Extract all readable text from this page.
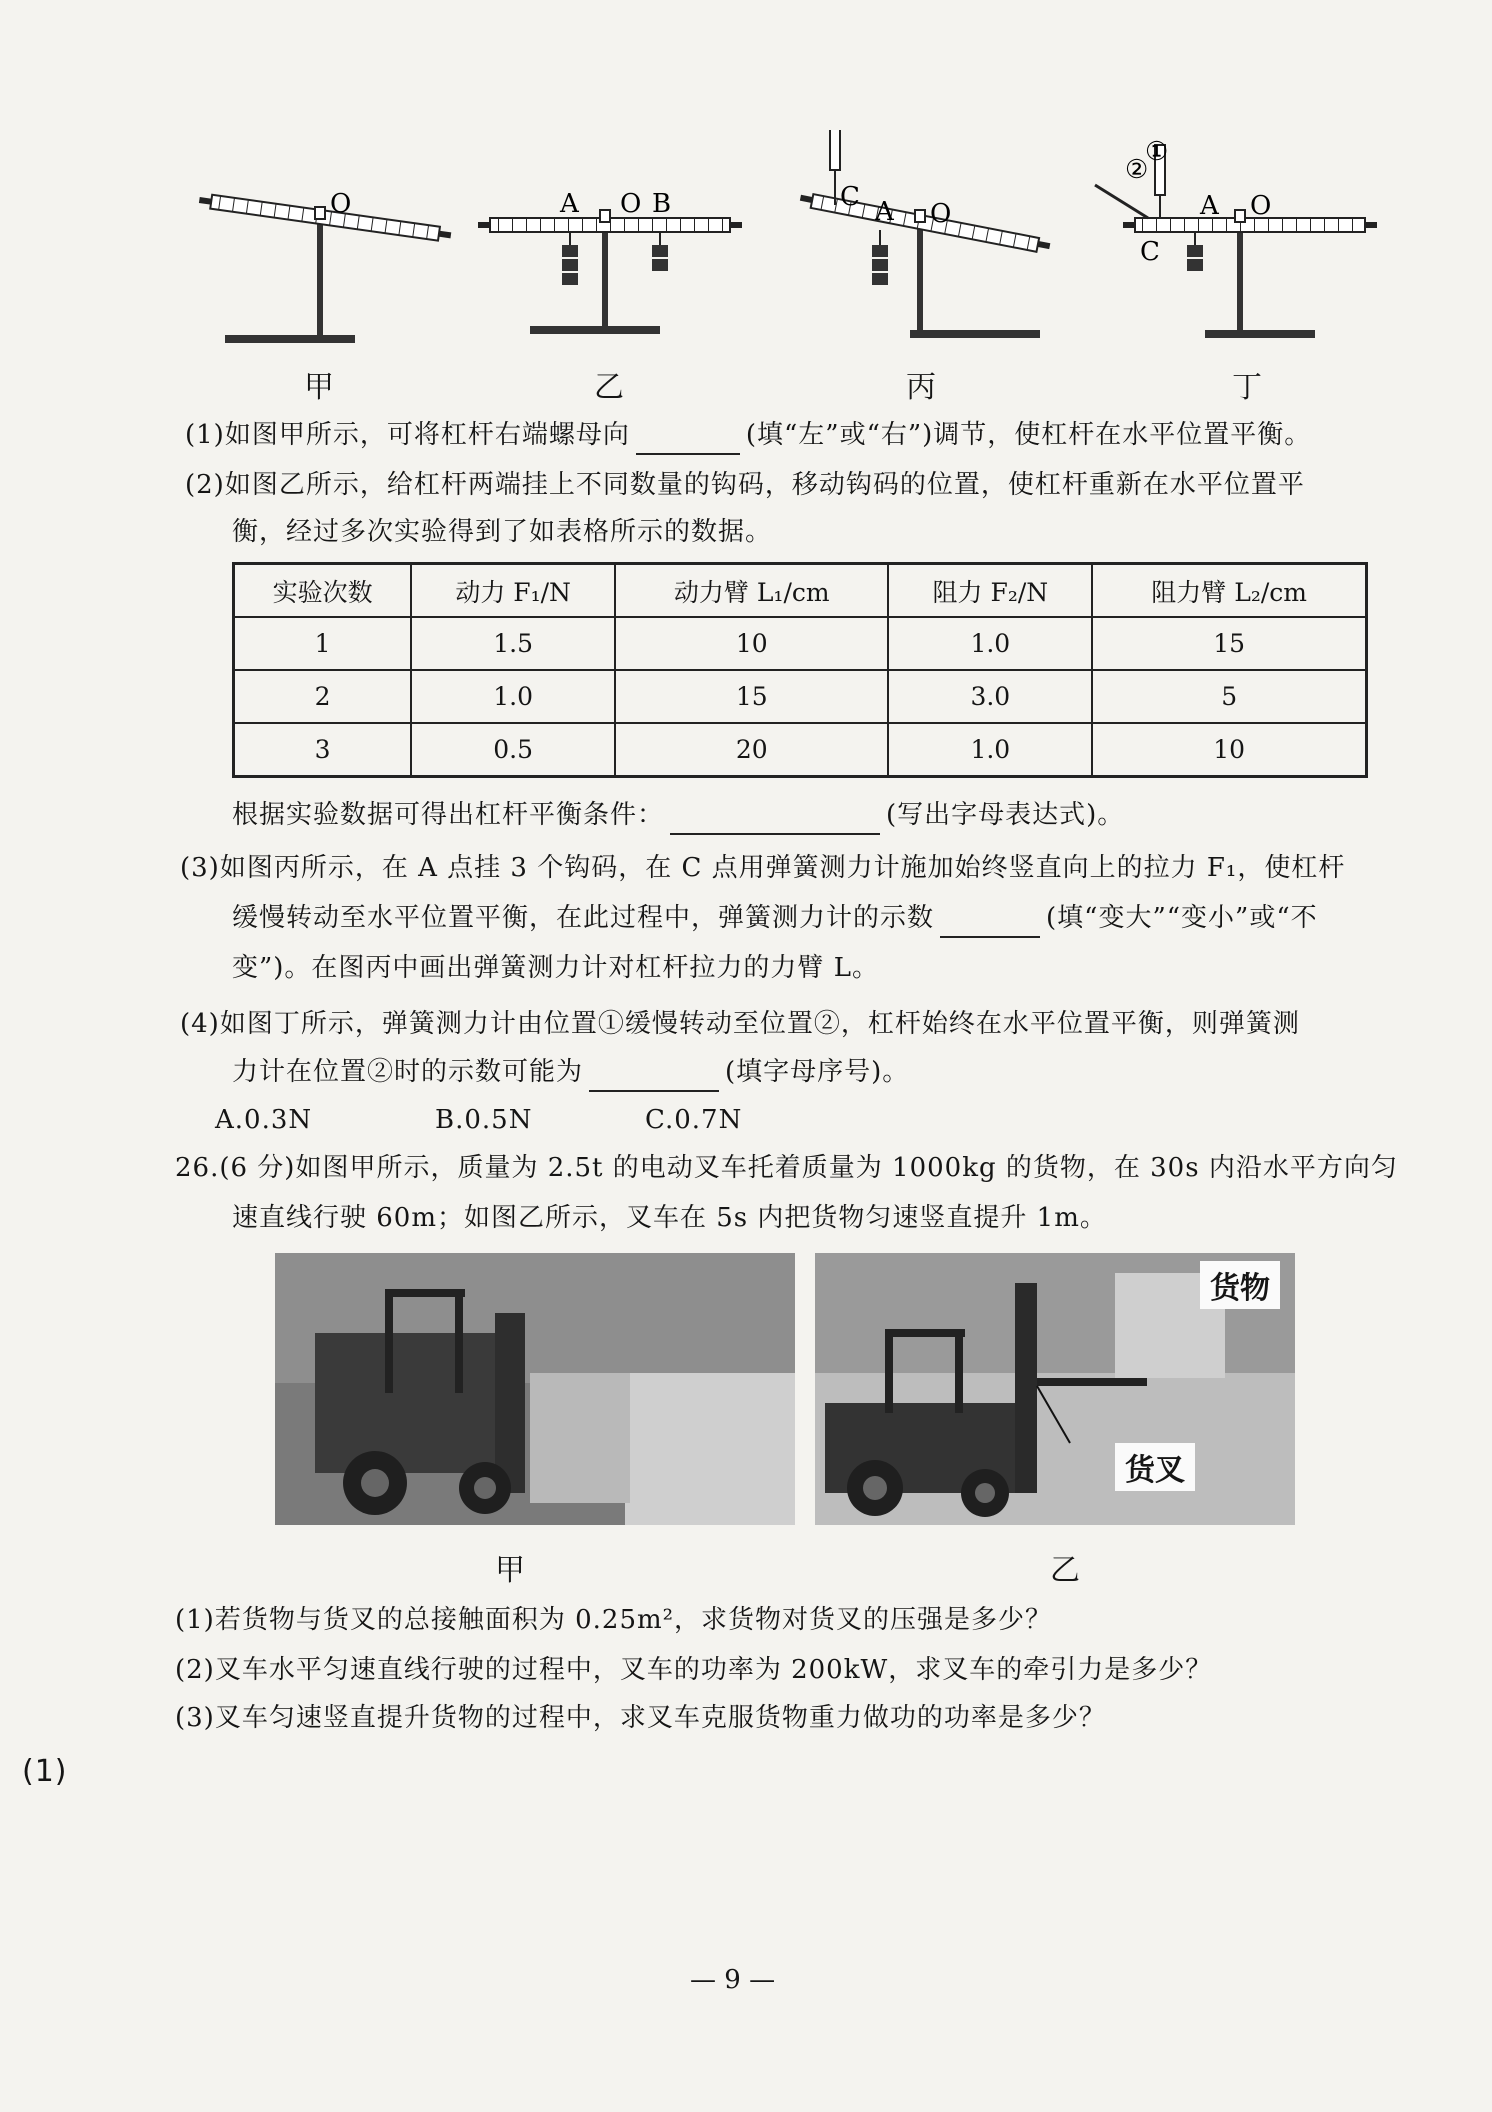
O	A O B	C A O
②
①
C
A O
甲	乙	丙	丁
(1)如图甲所示，可将杠杆右端螺母向	(填“左”或“右”)调节，使杠杆在水平位置平衡。
(2)如图乙所示，给杠杆两端挂上不同数量的钩码，移动钩码的位置，使杠杆重新在水平位置平
衡，经过多次实验得到了如表格所示的数据。
实验次数	动力 F₁/N	动力臂 L₁/cm	阻力 F₂/N	阻力臂 L₂/cm
1	1.5	10	1.0	15
2	1.0	15	3.0	5
3	0.5	20	1.0	10
根据实验数据可得出杠杆平衡条件：	(写出字母表达式)。
(3)如图丙所示，在 A 点挂 3 个钩码，在 C 点用弹簧测力计施加始终竖直向上的拉力 F₁，使杠杆
缓慢转动至水平位置平衡，在此过程中，弹簧测力计的示数	(填“变大”“变小”或“不
变”)。在图丙中画出弹簧测力计对杠杆拉力的力臂 L。
(4)如图丁所示，弹簧测力计由位置①缓慢转动至位置②，杠杆始终在水平位置平衡，则弹簧测
力计在位置②时的示数可能为	(填字母序号)。
A.0.3N	B.0.5N	C.0.7N
26.(6 分)如图甲所示，质量为 2.5t 的电动叉车托着质量为 1000kg 的货物，在 30s 内沿水平方向匀
速直线行驶 60m；如图乙所示，叉车在 5s 内把货物匀速竖直提升 1m。
货物
货叉
甲	乙
(1)若货物与货叉的总接触面积为 0.25m²，求货物对货叉的压强是多少？
(2)叉车水平匀速直线行驶的过程中，叉车的功率为 200kW，求叉车的牵引力是多少？
(3)叉车匀速竖直提升货物的过程中，求叉车克服货物重力做功的功率是多少？
(1)
— 9 —
